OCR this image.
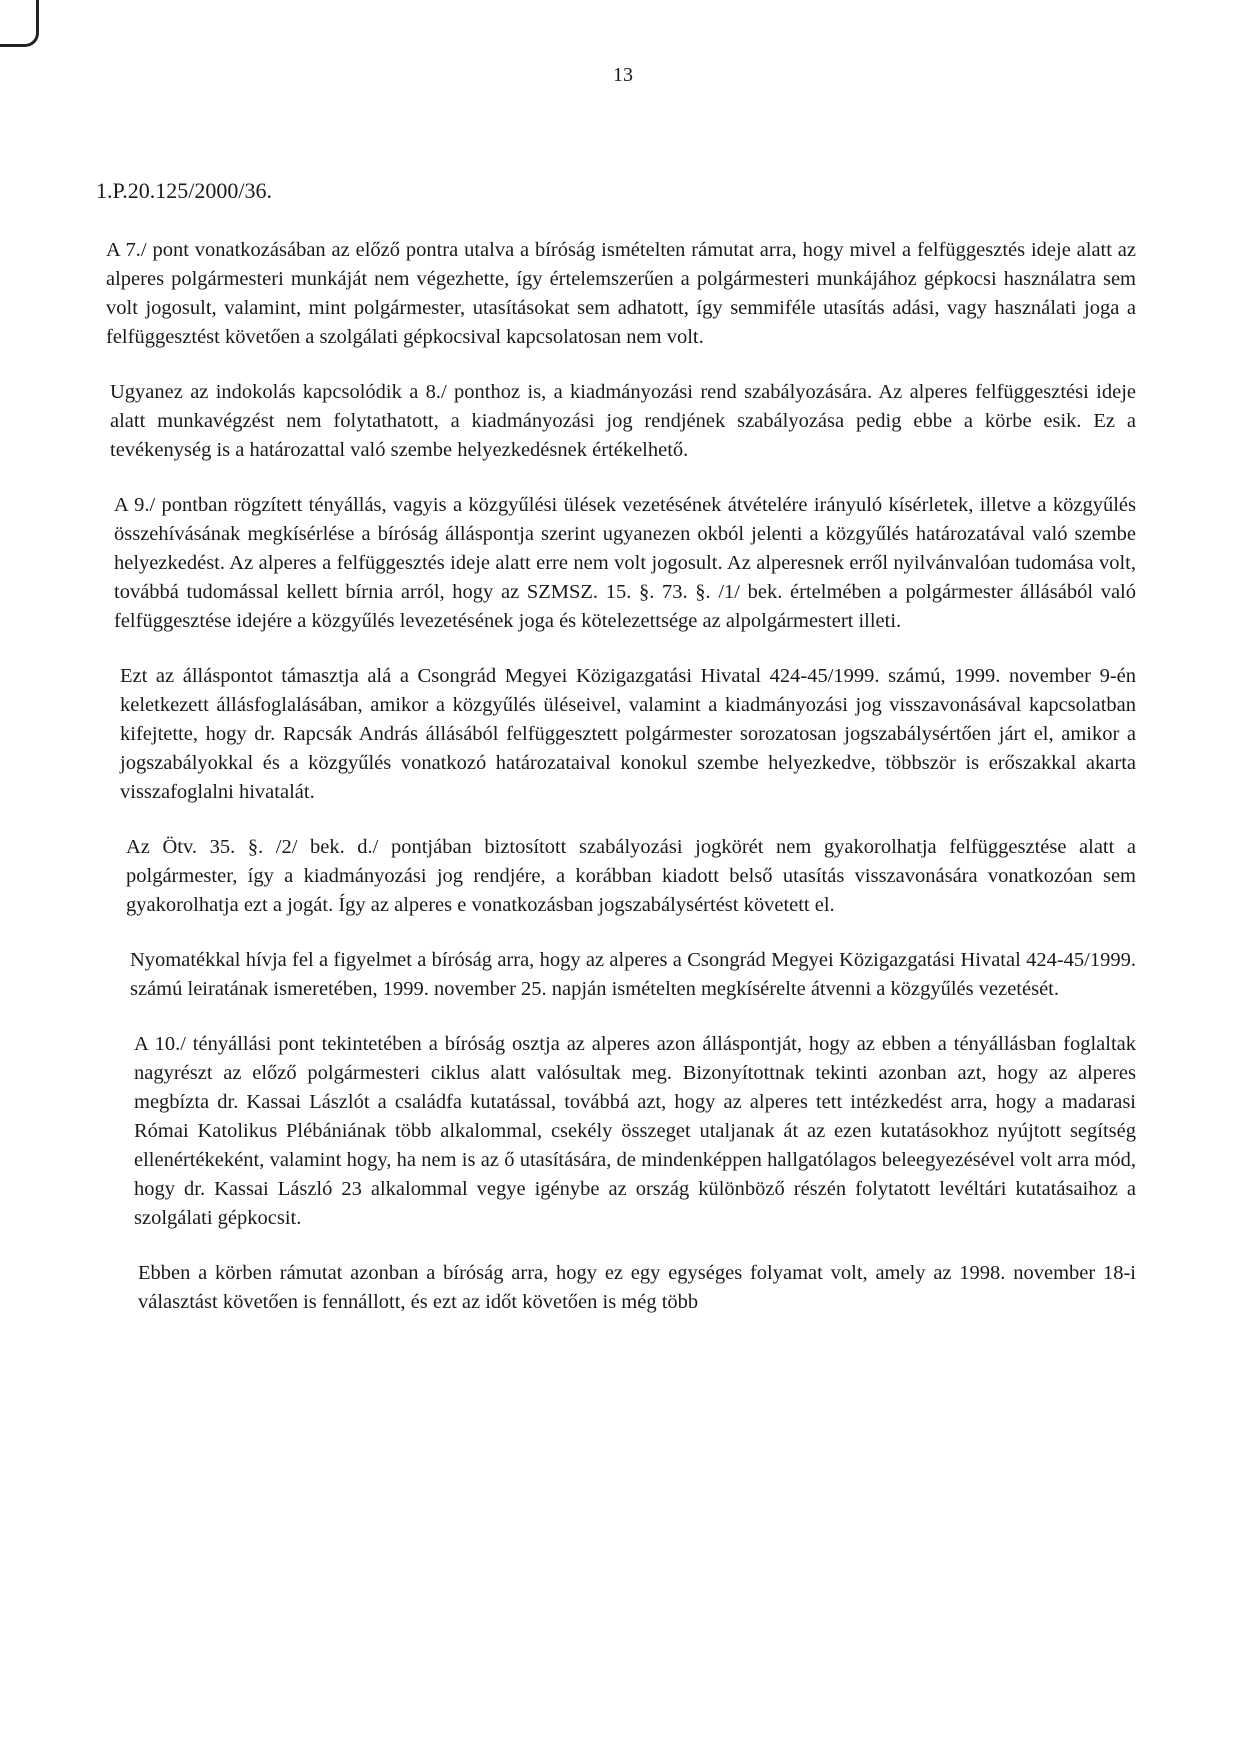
13
1.P.20.125/2000/36.

A 7./ pont vonatkozásában az előző pontra utalva a bíróság ismételten rámutat arra, hogy mivel a felfüggesztés ideje alatt az alperes polgármesteri munkáját nem végezhette, így értelemszerűen a polgármesteri munkájához gépkocsi használatra sem volt jogosult, valamint, mint polgármester, utasításokat sem adhatott, így semmiféle utasítás adási, vagy használati joga a felfüggesztést követően a szolgálati gépkocsival kapcsolatosan nem volt.

Ugyanez az indokolás kapcsolódik a 8./ ponthoz is, a kiadmányozási rend szabályozására. Az alperes felfüggesztési ideje alatt munkavégzést nem folytathatott, a kiadmányozási jog rendjének szabályozása pedig ebbe a körbe esik. Ez a tevékenység is a határozattal való szembe helyezkedésnek értékelhető.

A 9./ pontban rögzített tényállás, vagyis a közgyűlési ülések vezetésének átvételére irányuló kísérletek, illetve a közgyűlés összehívásának megkísérlése a bíróság álláspontja szerint ugyanezen okból jelenti a közgyűlés határozatával való szembe helyezkedést. Az alperes a felfüggesztés ideje alatt erre nem volt jogosult. Az alperesnek erről nyilvánvalóan tudomása volt, továbbá tudomással kellett bírnia arról, hogy az SZMSZ. 15. §. 73. §. /1/ bek. értelmében a polgármester állásából való felfüggesztése idejére a közgyűlés levezetésének joga és kötelezettsége az alpolgármestert illeti.

Ezt az álláspontot támasztja alá a Csongrád Megyei Közigazgatási Hivatal 424-45/1999. számú, 1999. november 9-én keletkezett állásfoglalásában, amikor a közgyűlés üléseivel, valamint a kiadmányozási jog visszavonásával kapcsolatban kifejtette, hogy dr. Rapcsák András állásából felfüggesztett polgármester sorozatosan jogszabálysértően járt el, amikor a jogszabályokkal és a közgyűlés vonatkozó határozataival konokul szembe helyezkedve, többször is erőszakkal akarta visszafoglalni hivatalát.

Az Ötv. 35. §. /2/ bek. d./ pontjában biztosított szabályozási jogkörét nem gyakorolhatja felfüggesztése alatt a polgármester, így a kiadmányozási jog rendjére, a korábban kiadott belső utasítás visszavonására vonatkozóan sem gyakorolhatja ezt a jogát. Így az alperes e vonatkozásban jogszabálysértést követett el.

Nyomatékkal hívja fel a figyelmet a bíróság arra, hogy az alperes a Csongrád Megyei Közigazgatási Hivatal 424-45/1999. számú leiratának ismeretében, 1999. november 25. napján ismételten megkísérelte átvenni a közgyűlés vezetését.

A 10./ tényállási pont tekintetében a bíróság osztja az alperes azon álláspontját, hogy az ebben a tényállásban foglaltak nagyrészt az előző polgármesteri ciklus alatt valósultak meg. Bizonyítottnak tekinti azonban azt, hogy az alperes megbízta dr. Kassai Lászlót a családfa kutatással, továbbá azt, hogy az alperes tett intézkedést arra, hogy a madarasi Római Katolikus Plébániának több alkalommal, csekély összeget utaljanak át az ezen kutatásokhoz nyújtott segítség ellenértékeként, valamint hogy, ha nem is az ő utasítására, de mindenképpen hallgatólagos beleegyezésével volt arra mód, hogy dr. Kassai László 23 alkalommal vegye igénybe az ország különböző részén folytatott levéltári kutatásaihoz a szolgálati gépkocsit.

Ebben a körben rámutat azonban a bíróság arra, hogy ez egy egységes folyamat volt, amely az 1998. november 18-i választást követően is fennállott, és ezt az időt követően is még több
